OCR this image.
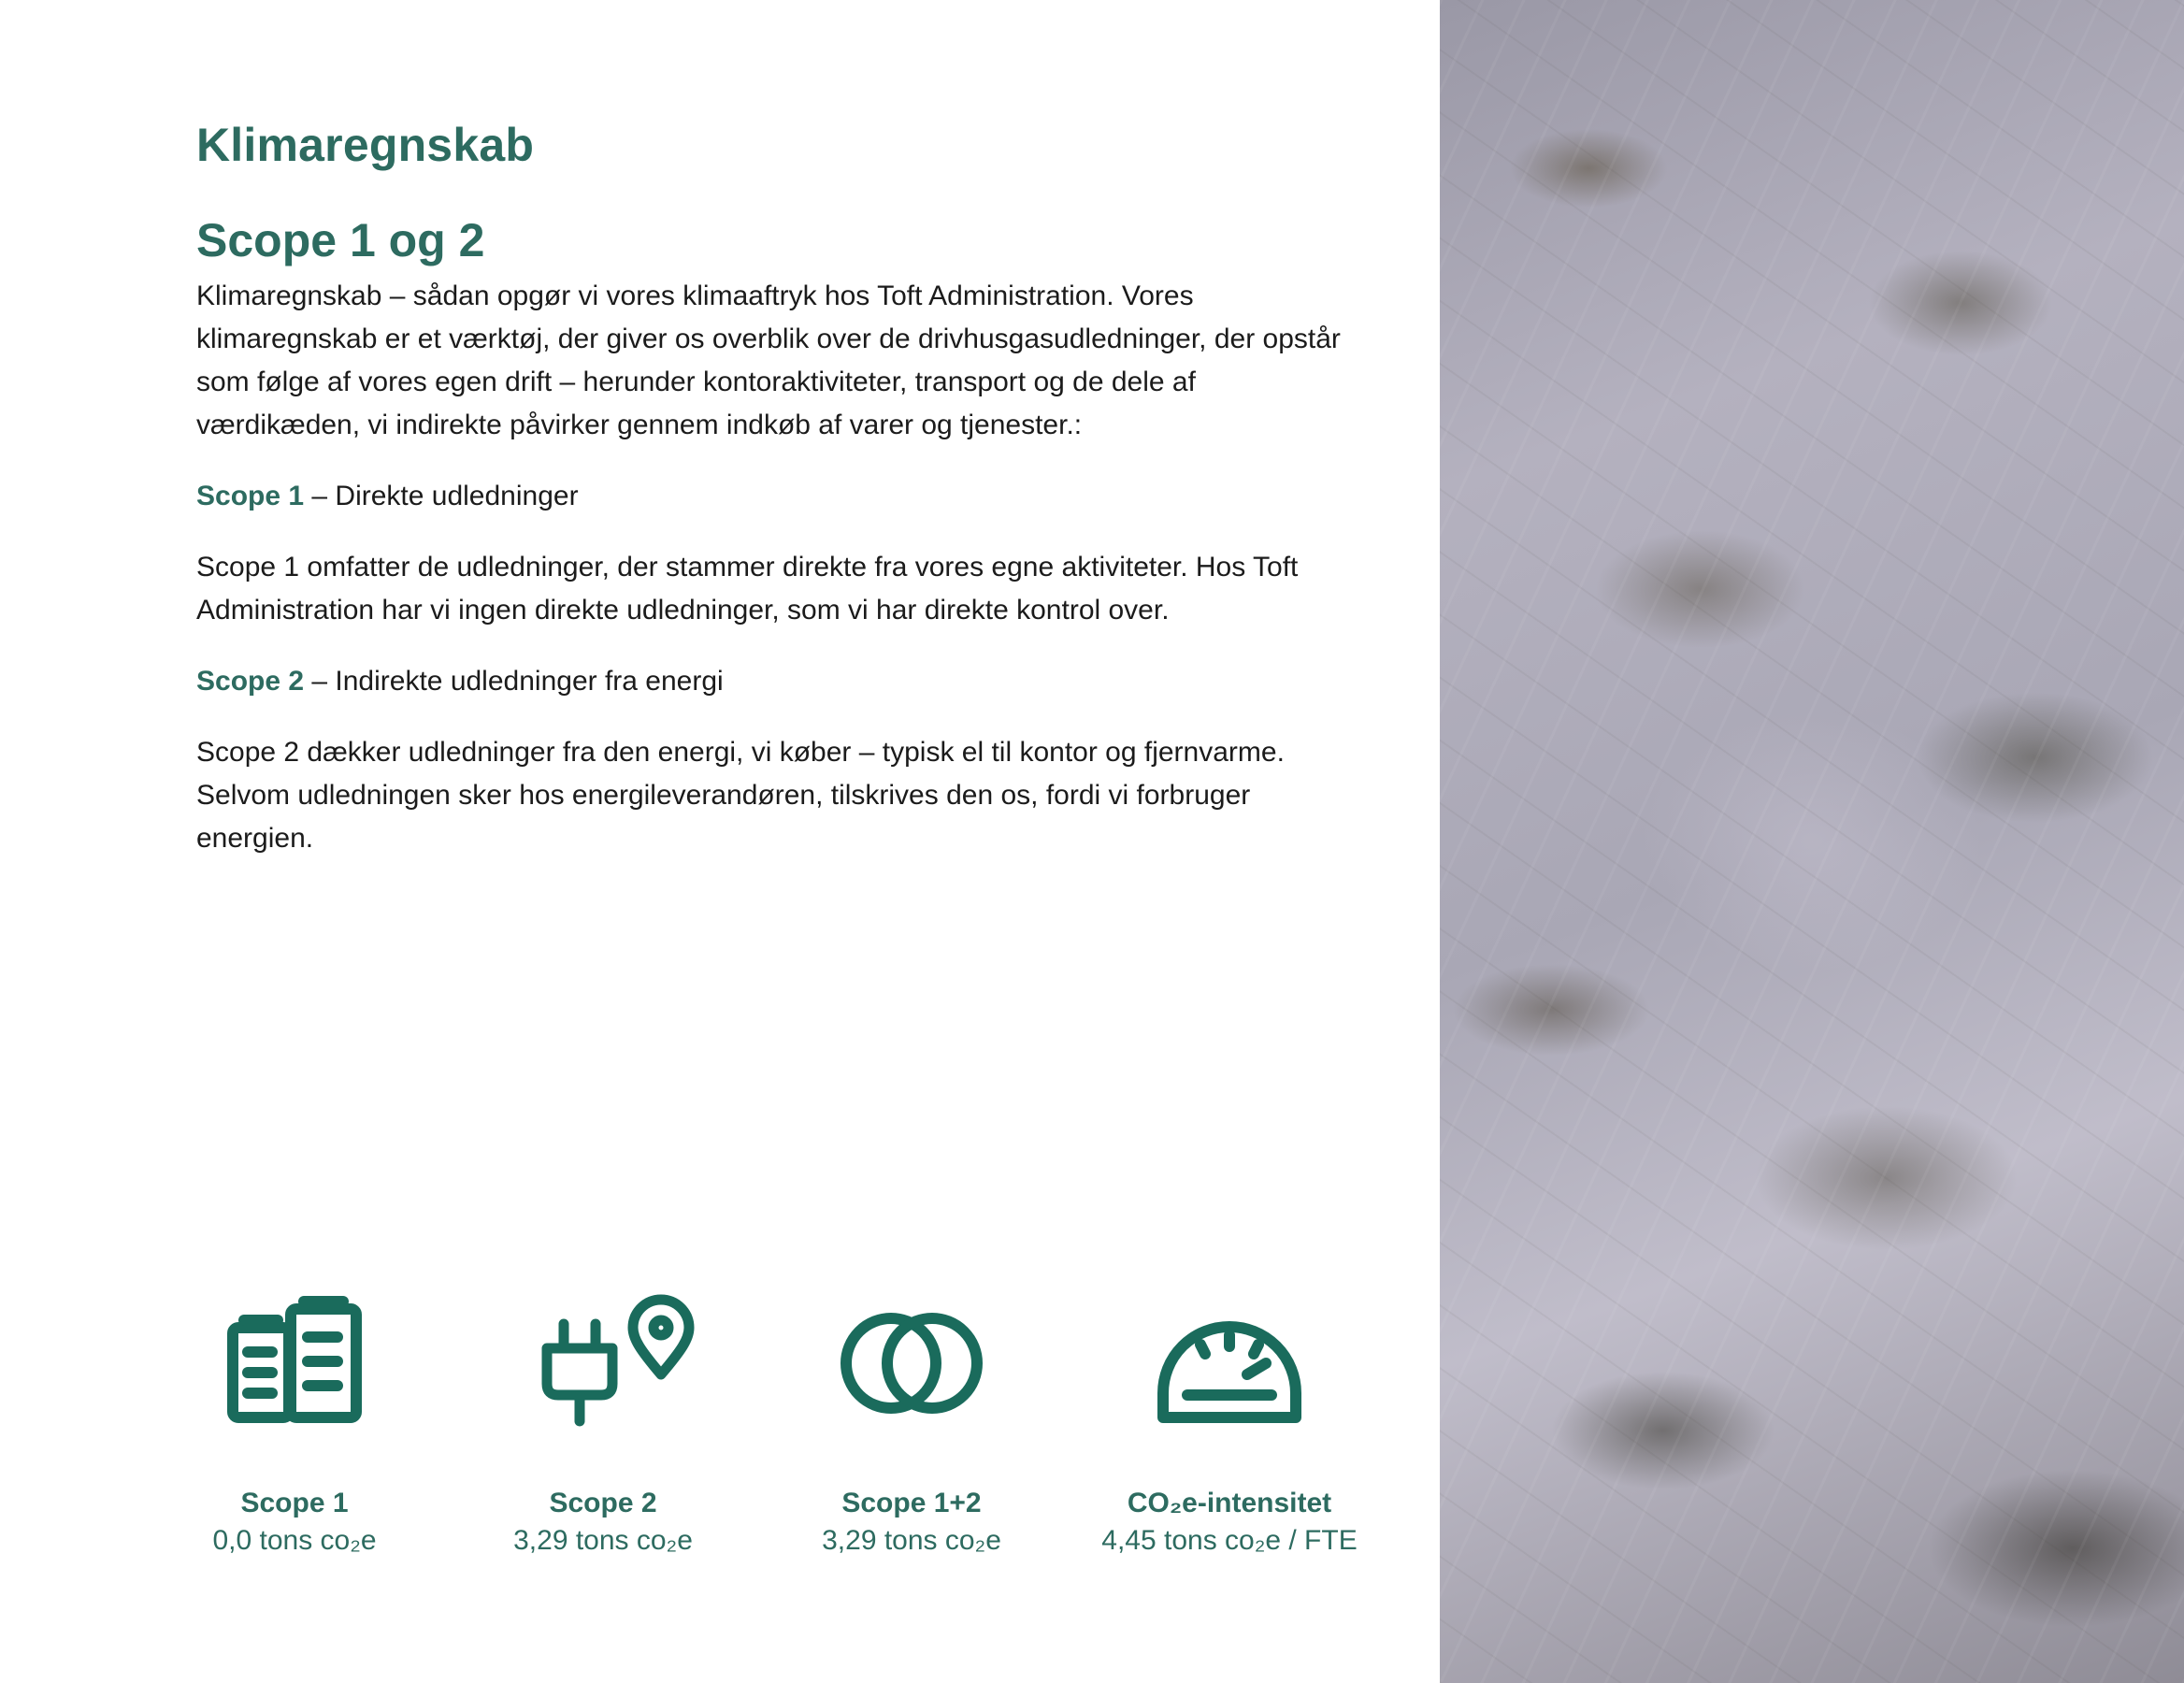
Klimaregnskab
Scope 1 og 2

Klimaregnskab – sådan opgør vi vores klimaaftryk hos Toft Administration. Vores klimaregnskab er et værktøj, der giver os overblik over de drivhusgasudledninger, der opstår som følge af vores egen drift – herunder kontoraktiviteter, transport og de dele af værdikæden, vi indirekte påvirker gennem indkøb af varer og tjenester.:

Scope 1 – Direkte udledninger

Scope 1 omfatter de udledninger, der stammer direkte fra vores egne aktiviteter. Hos Toft Administration har vi ingen direkte udledninger, som vi har direkte kontrol over.

Scope 2 – Indirekte udledninger fra energi

Scope 2 dækker udledninger fra den energi, vi køber – typisk el til kontor og fjernvarme. Selvom udledningen sker hos energileverandøren, tilskrives den os, fordi vi forbruger energien.

Scope 1
0,0 tons co₂e
Scope 2
3,29 tons co₂e
Scope 1+2
3,29 tons co₂e
CO₂e-intensitet
4,45 tons co₂e / FTE
